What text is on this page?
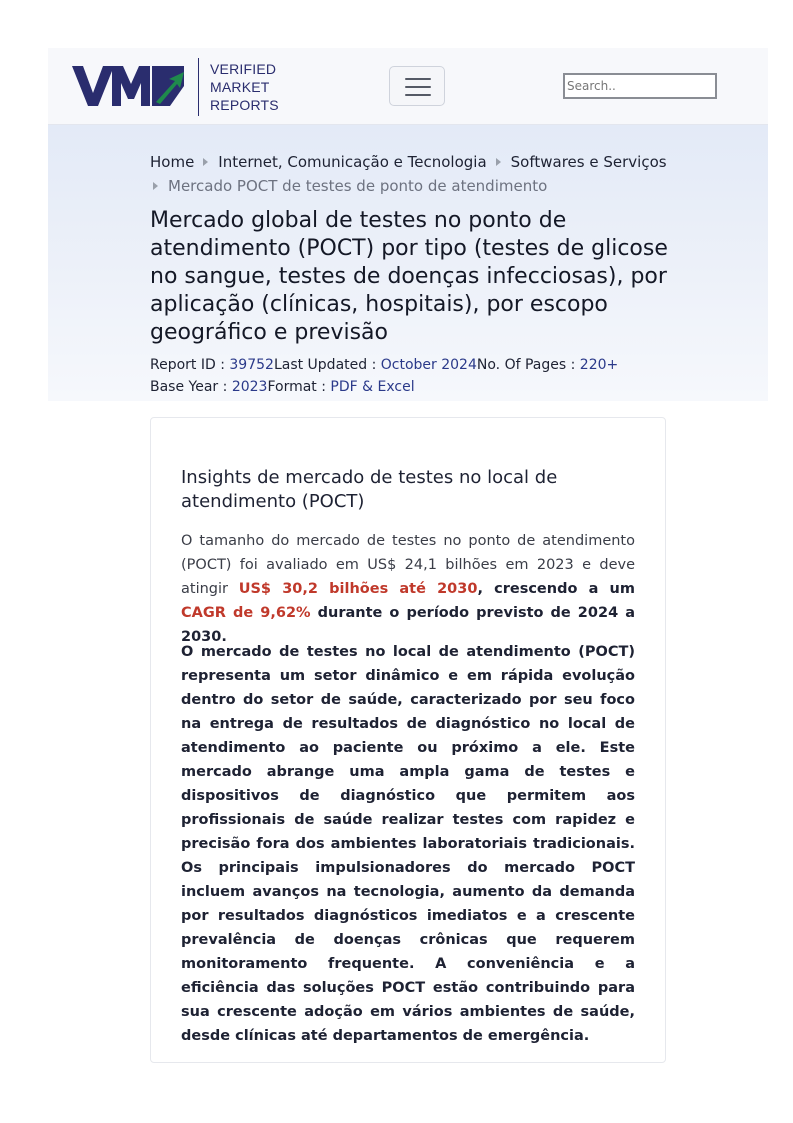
VERIFIED
MARKET
REPORTS
Search..
Home Internet, Comunicação e Tecnologia Softwares e Serviços
Mercado POCT de testes de ponto de atendimento
Mercado global de testes no ponto de atendimento (POCT) por tipo (testes de glicose no sangue, testes de doenças infecciosas), por aplicação (clínicas, hospitais), por escopo geográfico e previsão
Report ID : 39752Last Updated : October 2024No. Of Pages : 220+
Base Year : 2023Format : PDF & Excel
Insights de mercado de testes no local de atendimento (POCT)

O tamanho do mercado de testes no ponto de atendimento (POCT) foi avaliado em US$ 24,1 bilhões em 2023 e deve atingir US$ 30,2 bilhões até 2030, crescendo a um CAGR de 9,62% durante o período previsto de 2024 a 2030.

O mercado de testes no local de atendimento (POCT) representa um setor dinâmico e em rápida evolução dentro do setor de saúde, caracterizado por seu foco na entrega de resultados de diagnóstico no local de atendimento ao paciente ou próximo a ele. Este mercado abrange uma ampla gama de testes e dispositivos de diagnóstico que permitem aos profissionais de saúde realizar testes com rapidez e precisão fora dos ambientes laboratoriais tradicionais. Os principais impulsionadores do mercado POCT incluem avanços na tecnologia, aumento da demanda por resultados diagnósticos imediatos e a crescente prevalência de doenças crônicas que requerem monitoramento frequente. A conveniência e a eficiência das soluções POCT estão contribuindo para sua crescente adoção em vários ambientes de saúde, desde clínicas até departamentos de emergência.
